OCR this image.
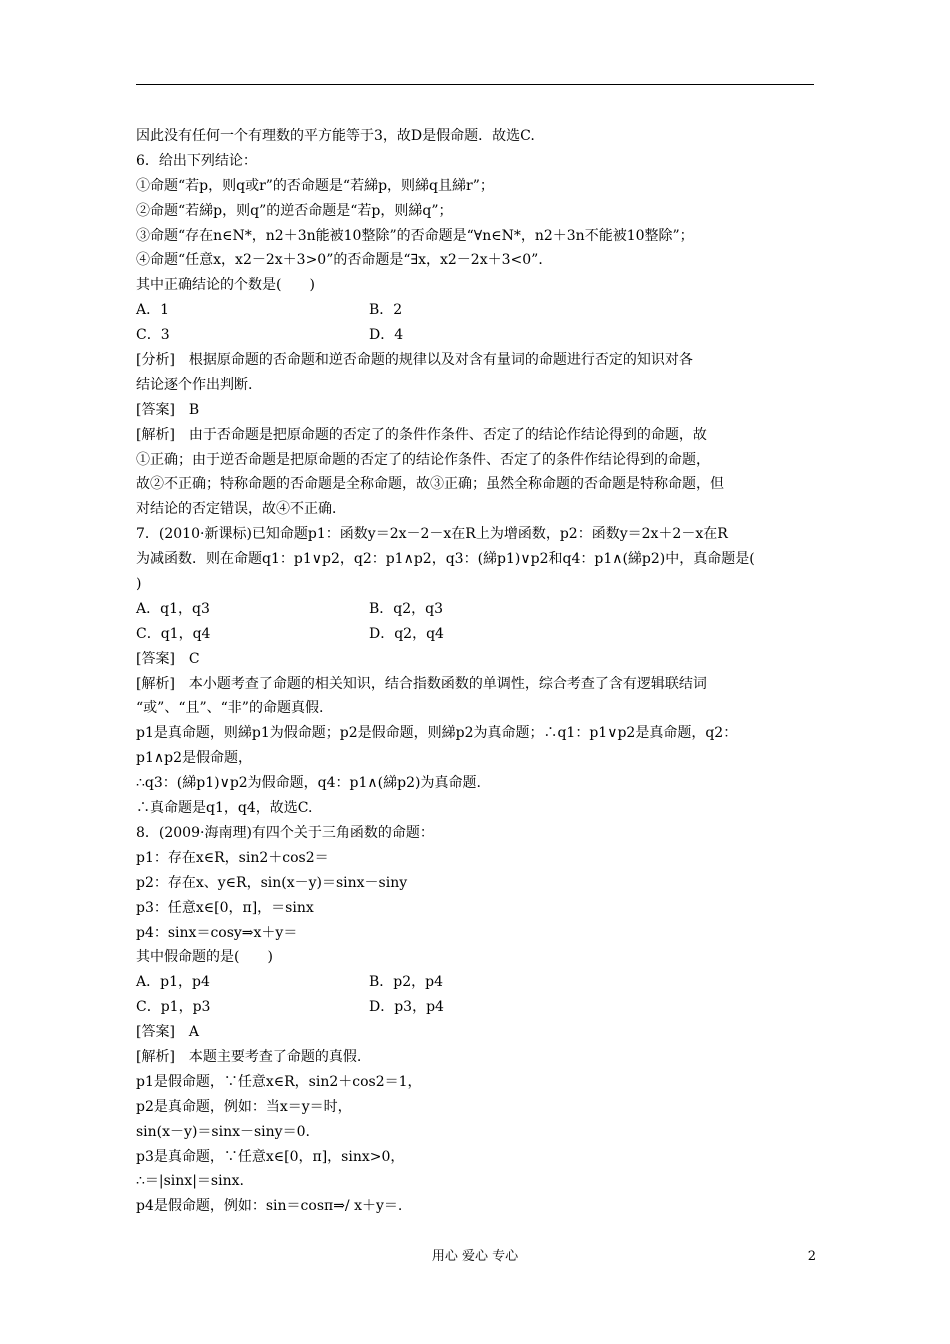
因此没有任何一个有理数的平方能等于3，故D是假命题．故选C.
6．给出下列结论：
①命题“若p，则q或r”的否命题是“若綈p，则綈q且綈r”；
②命题“若綈p，则q”的逆否命题是“若p，则綈q”；
③命题“存在n∈N*，n2＋3n能被10整除”的否命题是“∀n∈N*，n2＋3n不能被10整除”；
④命题“任意x，x2－2x＋3>0”的否命题是“∃x，x2－2x＋3<0”．
其中正确结论的个数是(　　)
A．1	B．2
C．3	D．4
[分析]　根据原命题的否命题和逆否命题的规律以及对含有量词的命题进行否定的知识对各
结论逐个作出判断.
[答案]　B
[解析]　由于否命题是把原命题的否定了的条件作条件、否定了的结论作结论得到的命题，故
①正确；由于逆否命题是把原命题的否定了的结论作条件、否定了的条件作结论得到的命题，
故②不正确；特称命题的否命题是全称命题，故③正确；虽然全称命题的否命题是特称命题，但
对结论的否定错误，故④不正确．
7．(2010·新课标)已知命题p1：函数y＝2x－2－x在R上为增函数，p2：函数y＝2x＋2－x在R
为减函数．则在命题q1：p1∨p2，q2：p1∧p2，q3：(綈p1)∨p2和q4：p1∧(綈p2)中，真命题是(
)
A．q1，q3	B．q2，q3
C．q1，q4	D．q2，q4
[答案]　C
[解析]　本小题考查了命题的相关知识，结合指数函数的单调性，综合考查了含有逻辑联结词
“或”、“且”、“非”的命题真假.
p1是真命题，则綈p1为假命题；p2是假命题，则綈p2为真命题；∴q1：p1∨p2是真命题，q2：
p1∧p2是假命题，
∴q3：(綈p1)∨p2为假命题，q4：p1∧(綈p2)为真命题.
∴真命题是q1，q4，故选C.
8．(2009·海南理)有四个关于三角函数的命题：
p1：存在x∈R，sin2＋cos2＝
p2：存在x、y∈R，sin(x－y)＝sinx－siny
p3：任意x∈[0，π]，＝sinx
p4：sinx＝cosy⇒x＋y＝
其中假命题的是(　　)
A．p1，p4	B．p2，p4
C．p1，p3	D．p3，p4
[答案]　A
[解析]　本题主要考查了命题的真假.
p1是假命题，∵任意x∈R，sin2＋cos2＝1，
p2是真命题，例如：当x＝y＝时，
sin(x－y)＝sinx－siny＝0.
p3是真命题，∵任意x∈[0，π]，sinx>0，
∴＝|sinx|＝sinx.
p4是假命题，例如：sin＝cosπ⇒/ x＋y＝.
用心 爱心 专心	2
